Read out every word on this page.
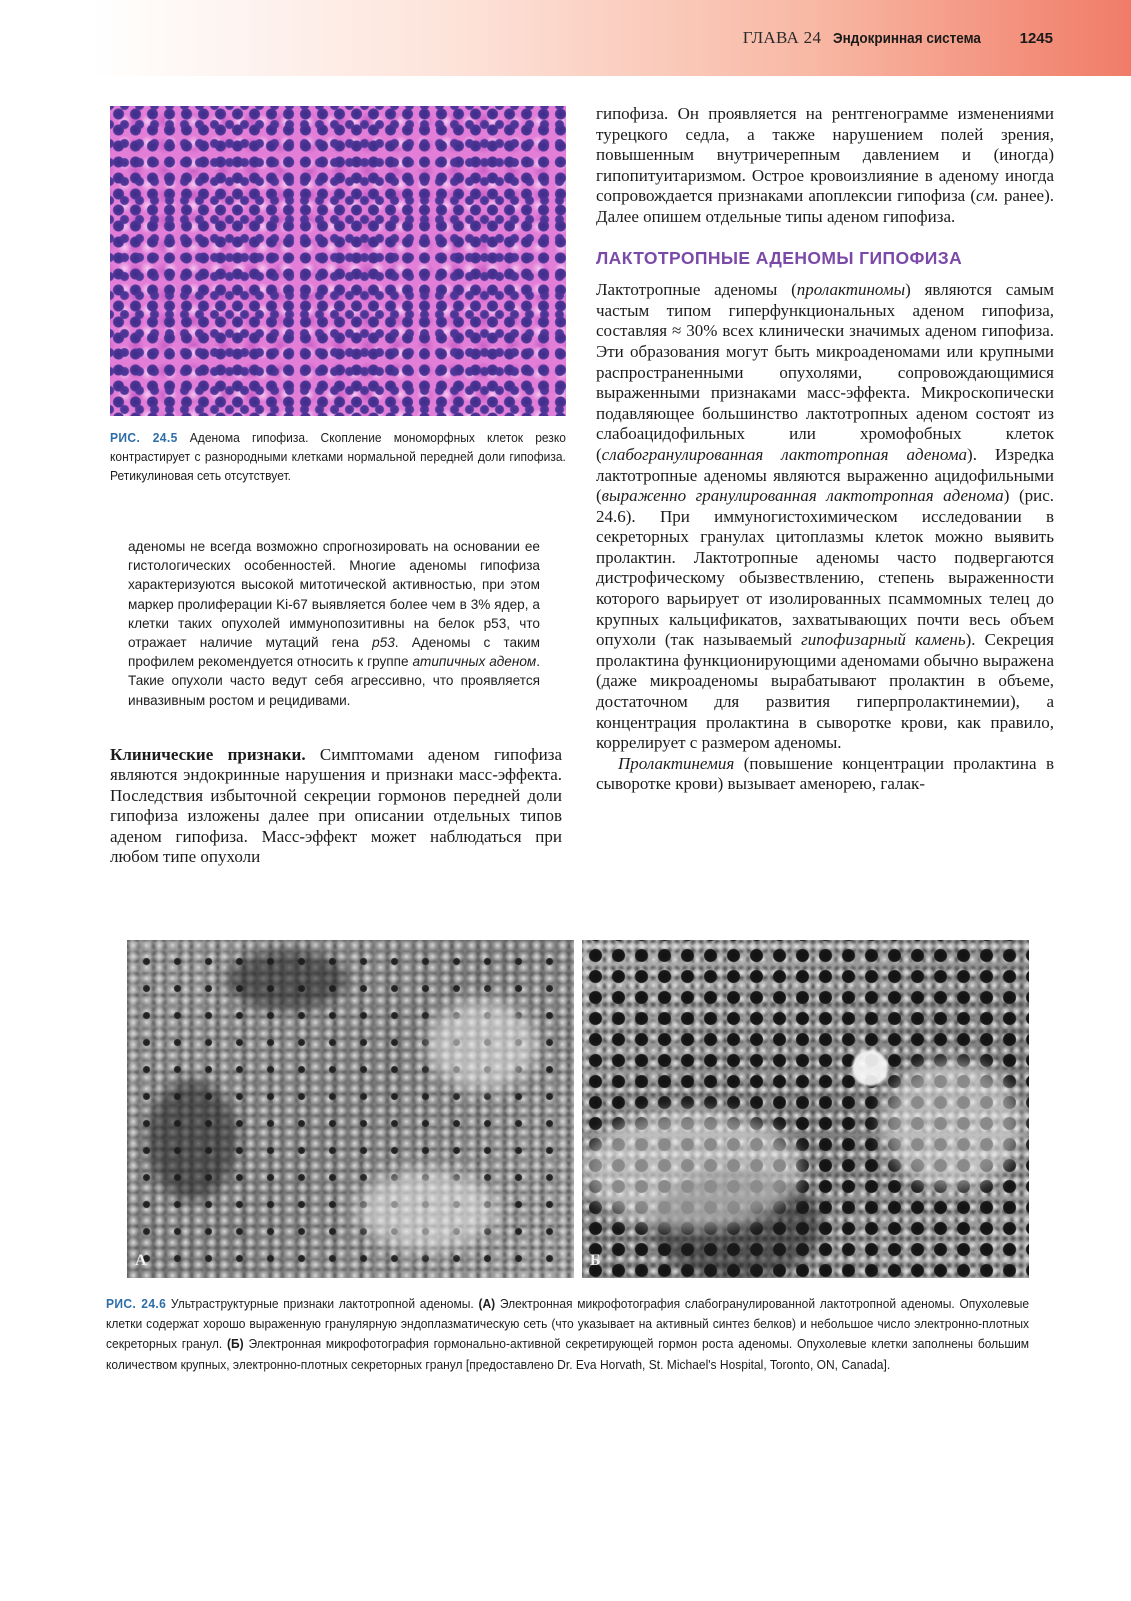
ГЛАВА 24 Эндокринная система	1245
РИС. 24.5 Аденома гипофиза. Скопление мономорфных клеток резко контрастирует с разнородными клетками нормальной передней доли гипофиза. Ретикулиновая сеть отсутствует.

аденомы не всегда возможно спрогнозировать на основании ее гистологических особенностей. Многие аденомы гипофиза характеризуются высокой митотической активностью, при этом маркер пролиферации Ki-67 выявляется более чем в 3% ядер, а клетки таких опухолей иммунопозитивны на белок p53, что отражает наличие мутаций гена p53. Аденомы с таким профилем рекомендуется относить к группе атипичных аденом. Такие опухоли часто ведут себя агрессивно, что проявляется инвазивным ростом и рецидивами.

Клинические признаки. Симптомами аденом гипофиза являются эндокринные нарушения и признаки масс-эффекта. Последствия избыточной секреции гормонов передней доли гипофиза изложены далее при описании отдельных типов аденом гипофиза. Масс-эффект может наблюдаться при любом типе опухоли

гипофиза. Он проявляется на рентгенограмме изменениями турецкого седла, а также нарушением полей зрения, повышенным внутричерепным давлением и (иногда) гипопитуитаризмом. Острое кровоизлияние в аденому иногда сопровождается признаками апоплексии гипофиза (см. ранее). Далее опишем отдельные типы аденом гипофиза.

ЛАКТОТРОПНЫЕ АДЕНОМЫ ГИПОФИЗА

Лактотропные аденомы (пролактиномы) являются самым частым типом гиперфункциональных аденом гипофиза, составляя ≈ 30% всех клинически значимых аденом гипофиза. Эти образования могут быть микроаденомами или крупными распространенными опухолями, сопровождающимися выраженными признаками масс-эффекта. Микроскопически подавляющее большинство лактотропных аденом состоят из слабоацидофильных или хромофобных клеток (слабогранулированная лактотропная аденома). Изредка лактотропные аденомы являются выраженно ацидофильными (выраженно гранулированная лактотропная аденома) (рис. 24.6). При иммуногистохимическом исследовании в секреторных гранулах цитоплазмы клеток можно выявить пролактин. Лактотропные аденомы часто подвергаются дистрофическому обызвествлению, степень выраженности которого варьирует от изолированных псаммомных телец до крупных кальцификатов, захватывающих почти весь объем опухоли (так называемый гипофизарный камень). Секреция пролактина функционирующими аденомами обычно выражена (даже микроаденомы вырабатывают пролактин в объеме, достаточном для развития гиперпролактинемии), а концентрация пролактина в сыворотке крови, как правило, коррелирует с размером аденомы.

Пролактинемия (повышение концентрации пролактина в сыворотке крови) вызывает аменорею, галак-

A	Б
РИС. 24.6 Ультраструктурные признаки лактотропной аденомы. (А) Электронная микрофотография слабогранулированной лактотропной аденомы. Опухолевые клетки содержат хорошо выраженную гранулярную эндоплазматическую сеть (что указывает на активный синтез белков) и небольшое число электронно-плотных секреторных гранул. (Б) Электронная микрофотография гормонально-активной секретирующей гормон роста аденомы. Опухолевые клетки заполнены большим количеством крупных, электронно-плотных секреторных гранул [предоставлено Dr. Eva Horvath, St. Michael's Hospital, Toronto, ON, Canada].
